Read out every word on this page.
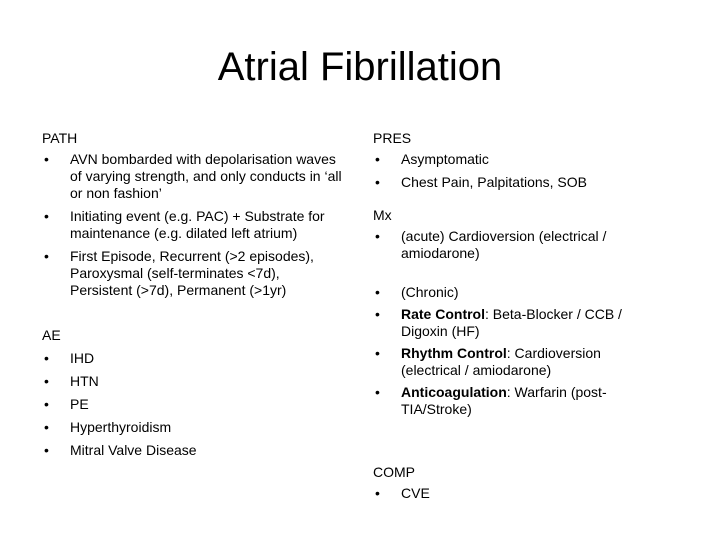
Atrial Fibrillation

PATH

• AVN bombarded with depolarisation waves of varying strength, and only conducts in ‘all or non fashion’
• Initiating event (e.g. PAC) + Substrate for maintenance (e.g. dilated left atrium)
• First Episode, Recurrent (>2 episodes), Paroxysmal (self-terminates <7d), Persistent (>7d), Permanent (>1yr)

AE

• IHD
• HTN
• PE
• Hyperthyroidism
• Mitral Valve Disease

PRES

• Asymptomatic
• Chest Pain, Palpitations, SOB

Mx

• (acute) Cardioversion (electrical / amiodarone)
• (Chronic)
• Rate Control: Beta-Blocker / CCB / Digoxin (HF)
• Rhythm Control: Cardioversion (electrical / amiodarone)
• Anticoagulation: Warfarin (post-TIA/Stroke)

COMP

• CVE
